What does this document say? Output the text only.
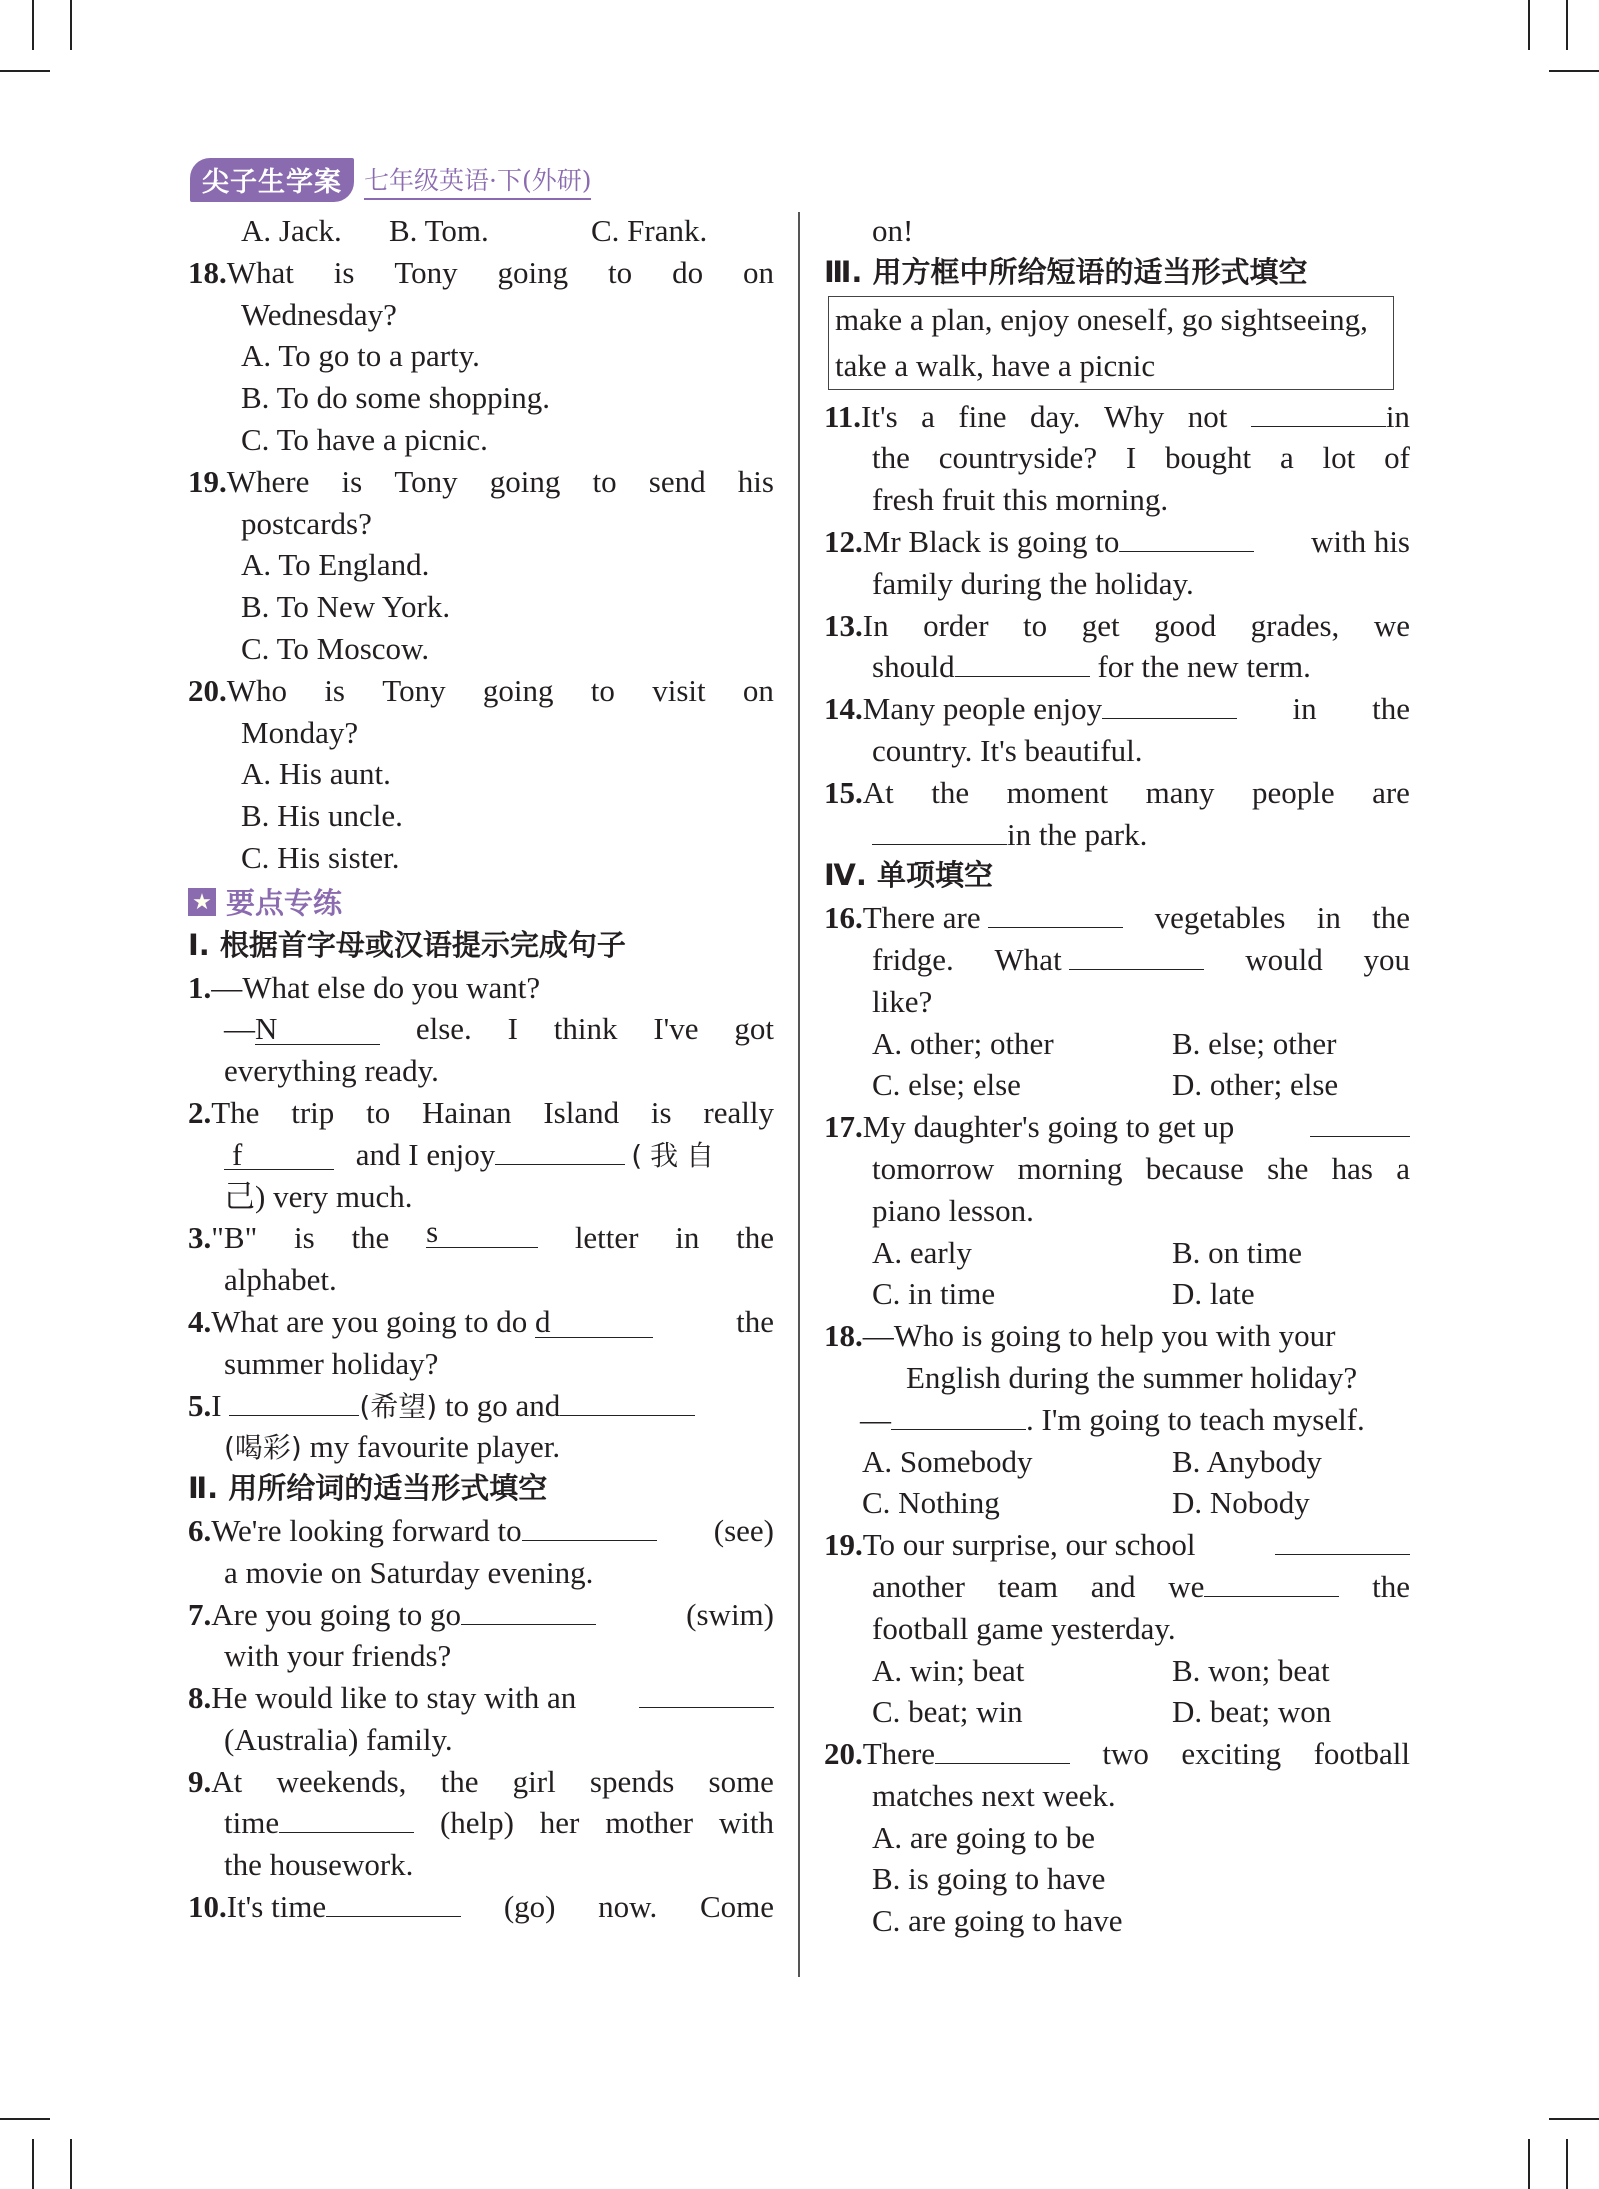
尖子生学案 七年级英语·下(外研)
A. Jack. B. Tom.	C. Frank.
18.What is Tony going to do on
Wednesday?
A. To go to a party.
B. To do some shopping.
C. To have a picnic.
19.Where is Tony going to send his
postcards?
A. To England.
B. To New York.
C. To Moscow.
20.Who is Tony going to visit on
Monday?
A. His aunt.
B. His uncle.
C. His sister.
★ 要点专练
Ⅰ. 根据首字母或汉语提示完成句子
1.—What else do you want?
—N	else. I think I've got
everything ready.
2.The trip to Hainan Island is really
f	and I enjoy	(我自
己) very much.
3."B" is the s	letter in the
alphabet.
4.What are you going to do d	the
summer holiday?
5.I	(希望) to go and
(喝彩) my favourite player.
Ⅱ. 用所给词的适当形式填空
6.We're looking forward to	(see)
a movie on Saturday evening.
7.Are you going to go	(swim)
with your friends?
8.He would like to stay with an
(Australia) family.
9.At weekends, the girl spends some
time	(help) her mother with
the housework.
10.It's time	(go) now. Come
on!
Ⅲ. 用方框中所给短语的适当形式填空
make a plan, enjoy oneself, go sightseeing,
take a walk, have a picnic
11.It's a fine day. Why not	in
the countryside? I bought a lot of
fresh fruit this morning.
12.Mr Black is going to	with his
family during the holiday.
13.In order to get good grades, we
should	for the new term.
14.Many people enjoy	in the
country. It's beautiful.
15.At the moment many people are
in the park.
Ⅳ. 单项填空
16.There are	vegetables in the
fridge. What	would you
like?
A. other; other	B. else; other
C. else; else	D. other; else
17.My daughter's going to get up
tomorrow morning because she has a
piano lesson.
A. early	B. on time
C. in time	D. late
18.—Who is going to help you with your
English during the summer holiday?
—	. I'm going to teach myself.
A. Somebody	B. Anybody
C. Nothing	D. Nobody
19.To our surprise, our school
another team and we	the
football game yesterday.
A. win; beat	B. won; beat
C. beat; win	D. beat; won
20.There	two exciting football
matches next week.
A. are going to be
B. is going to have
C. are going to have
